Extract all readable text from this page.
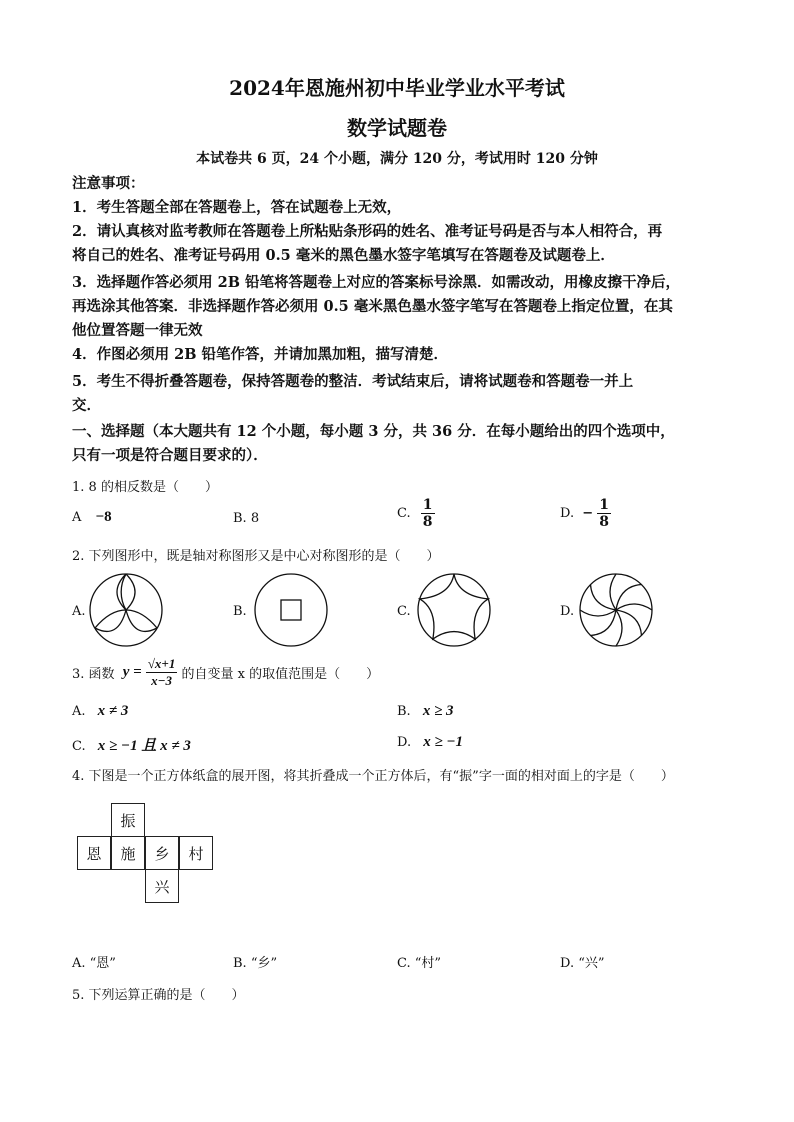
2024年恩施州初中毕业学业水平考试
数学试题卷
本试卷共 6 页，24 个小题，满分 120 分，考试用时 120 分钟
注意事项：
1．考生答题全部在答题卷上，答在试题卷上无效，
2．请认真核对监考教师在答题卷上所粘贴条形码的姓名、准考证号码是否与本人相符合，再
将自己的姓名、准考证号码用 0.5 毫米的黑色墨水签字笔填写在答题卷及试题卷上．
3．选择题作答必须用 2B 铅笔将答题卷上对应的答案标号涂黑．如需改动，用橡皮擦干净后，
再选涂其他答案．非选择题作答必须用 0.5 毫米黑色墨水签字笔写在答题卷上指定位置，在其
他位置答题一律无效
4．作图必须用 2B 铅笔作答，并请加黑加粗，描写清楚．
5．考生不得折叠答题卷，保持答题卷的整洁．考试结束后，请将试题卷和答题卷一并上
交．
一、选择题（本大题共有 12 个小题，每小题 3 分，共 36 分．在每小题给出的四个选项中，
只有一项是符合题目要求的）．
1. 8 的相反数是（　　）
A −8	B. 8	C. $\frac{1}{8}$	D. − $\frac{1}{8}$
2. 下列图形中，既是轴对称图形又是中心对称图形的是（　　）
A.	B.	C.	D.
3. 函数 $y = \frac{√x+1}{x-3}$ 的自变量 x 的取值范围是（　　）
A. x ≠ 3	B. x ≥ 3
C. x ≥ −1 且 x ≠ 3	D. x ≥ −1
4. 下图是一个正方体纸盒的展开图，将其折叠成一个正方体后，有“振”字一面的相对面上的字是（　　）
振
恩	施	乡	村
兴
A. “恩”	B. “乡”	C. “村”	D. “兴”
5. 下列运算正确的是（　　）
